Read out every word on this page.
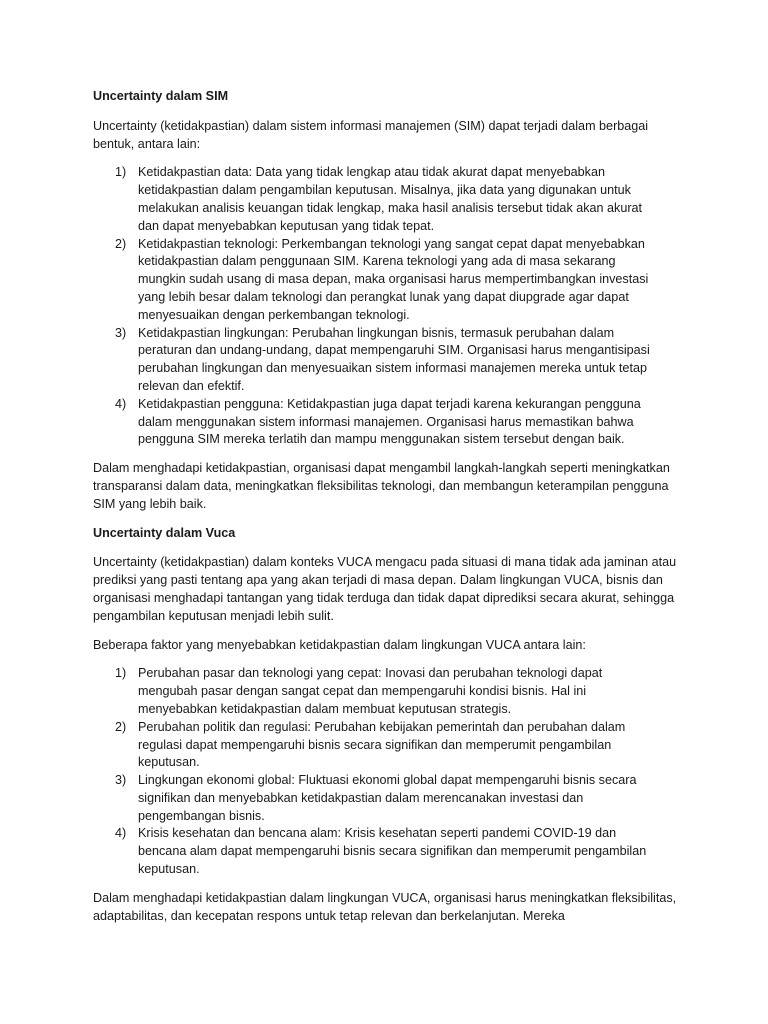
Uncertainty dalam SIM

Uncertainty (ketidakpastian) dalam sistem informasi manajemen (SIM) dapat terjadi dalam berbagai bentuk, antara lain:

1) Ketidakpastian data: Data yang tidak lengkap atau tidak akurat dapat menyebabkan ketidakpastian dalam pengambilan keputusan. Misalnya, jika data yang digunakan untuk melakukan analisis keuangan tidak lengkap, maka hasil analisis tersebut tidak akan akurat dan dapat menyebabkan keputusan yang tidak tepat.
2) Ketidakpastian teknologi: Perkembangan teknologi yang sangat cepat dapat menyebabkan ketidakpastian dalam penggunaan SIM. Karena teknologi yang ada di masa sekarang mungkin sudah usang di masa depan, maka organisasi harus mempertimbangkan investasi yang lebih besar dalam teknologi dan perangkat lunak yang dapat diupgrade agar dapat menyesuaikan dengan perkembangan teknologi.
3) Ketidakpastian lingkungan: Perubahan lingkungan bisnis, termasuk perubahan dalam peraturan dan undang-undang, dapat mempengaruhi SIM. Organisasi harus mengantisipasi perubahan lingkungan dan menyesuaikan sistem informasi manajemen mereka untuk tetap relevan dan efektif.
4) Ketidakpastian pengguna: Ketidakpastian juga dapat terjadi karena kekurangan pengguna dalam menggunakan sistem informasi manajemen. Organisasi harus memastikan bahwa pengguna SIM mereka terlatih dan mampu menggunakan sistem tersebut dengan baik.

Dalam menghadapi ketidakpastian, organisasi dapat mengambil langkah-langkah seperti meningkatkan transparansi dalam data, meningkatkan fleksibilitas teknologi, dan membangun keterampilan pengguna SIM yang lebih baik.

Uncertainty dalam Vuca

Uncertainty (ketidakpastian) dalam konteks VUCA mengacu pada situasi di mana tidak ada jaminan atau prediksi yang pasti tentang apa yang akan terjadi di masa depan. Dalam lingkungan VUCA, bisnis dan organisasi menghadapi tantangan yang tidak terduga dan tidak dapat diprediksi secara akurat, sehingga pengambilan keputusan menjadi lebih sulit.

Beberapa faktor yang menyebabkan ketidakpastian dalam lingkungan VUCA antara lain:

1) Perubahan pasar dan teknologi yang cepat: Inovasi dan perubahan teknologi dapat mengubah pasar dengan sangat cepat dan mempengaruhi kondisi bisnis. Hal ini menyebabkan ketidakpastian dalam membuat keputusan strategis.
2) Perubahan politik dan regulasi: Perubahan kebijakan pemerintah dan perubahan dalam regulasi dapat mempengaruhi bisnis secara signifikan dan memperumit pengambilan keputusan.
3) Lingkungan ekonomi global: Fluktuasi ekonomi global dapat mempengaruhi bisnis secara signifikan dan menyebabkan ketidakpastian dalam merencanakan investasi dan pengembangan bisnis.
4) Krisis kesehatan dan bencana alam: Krisis kesehatan seperti pandemi COVID-19 dan bencana alam dapat mempengaruhi bisnis secara signifikan dan memperumit pengambilan keputusan.

Dalam menghadapi ketidakpastian dalam lingkungan VUCA, organisasi harus meningkatkan fleksibilitas, adaptabilitas, dan kecepatan respons untuk tetap relevan dan berkelanjutan. Mereka
